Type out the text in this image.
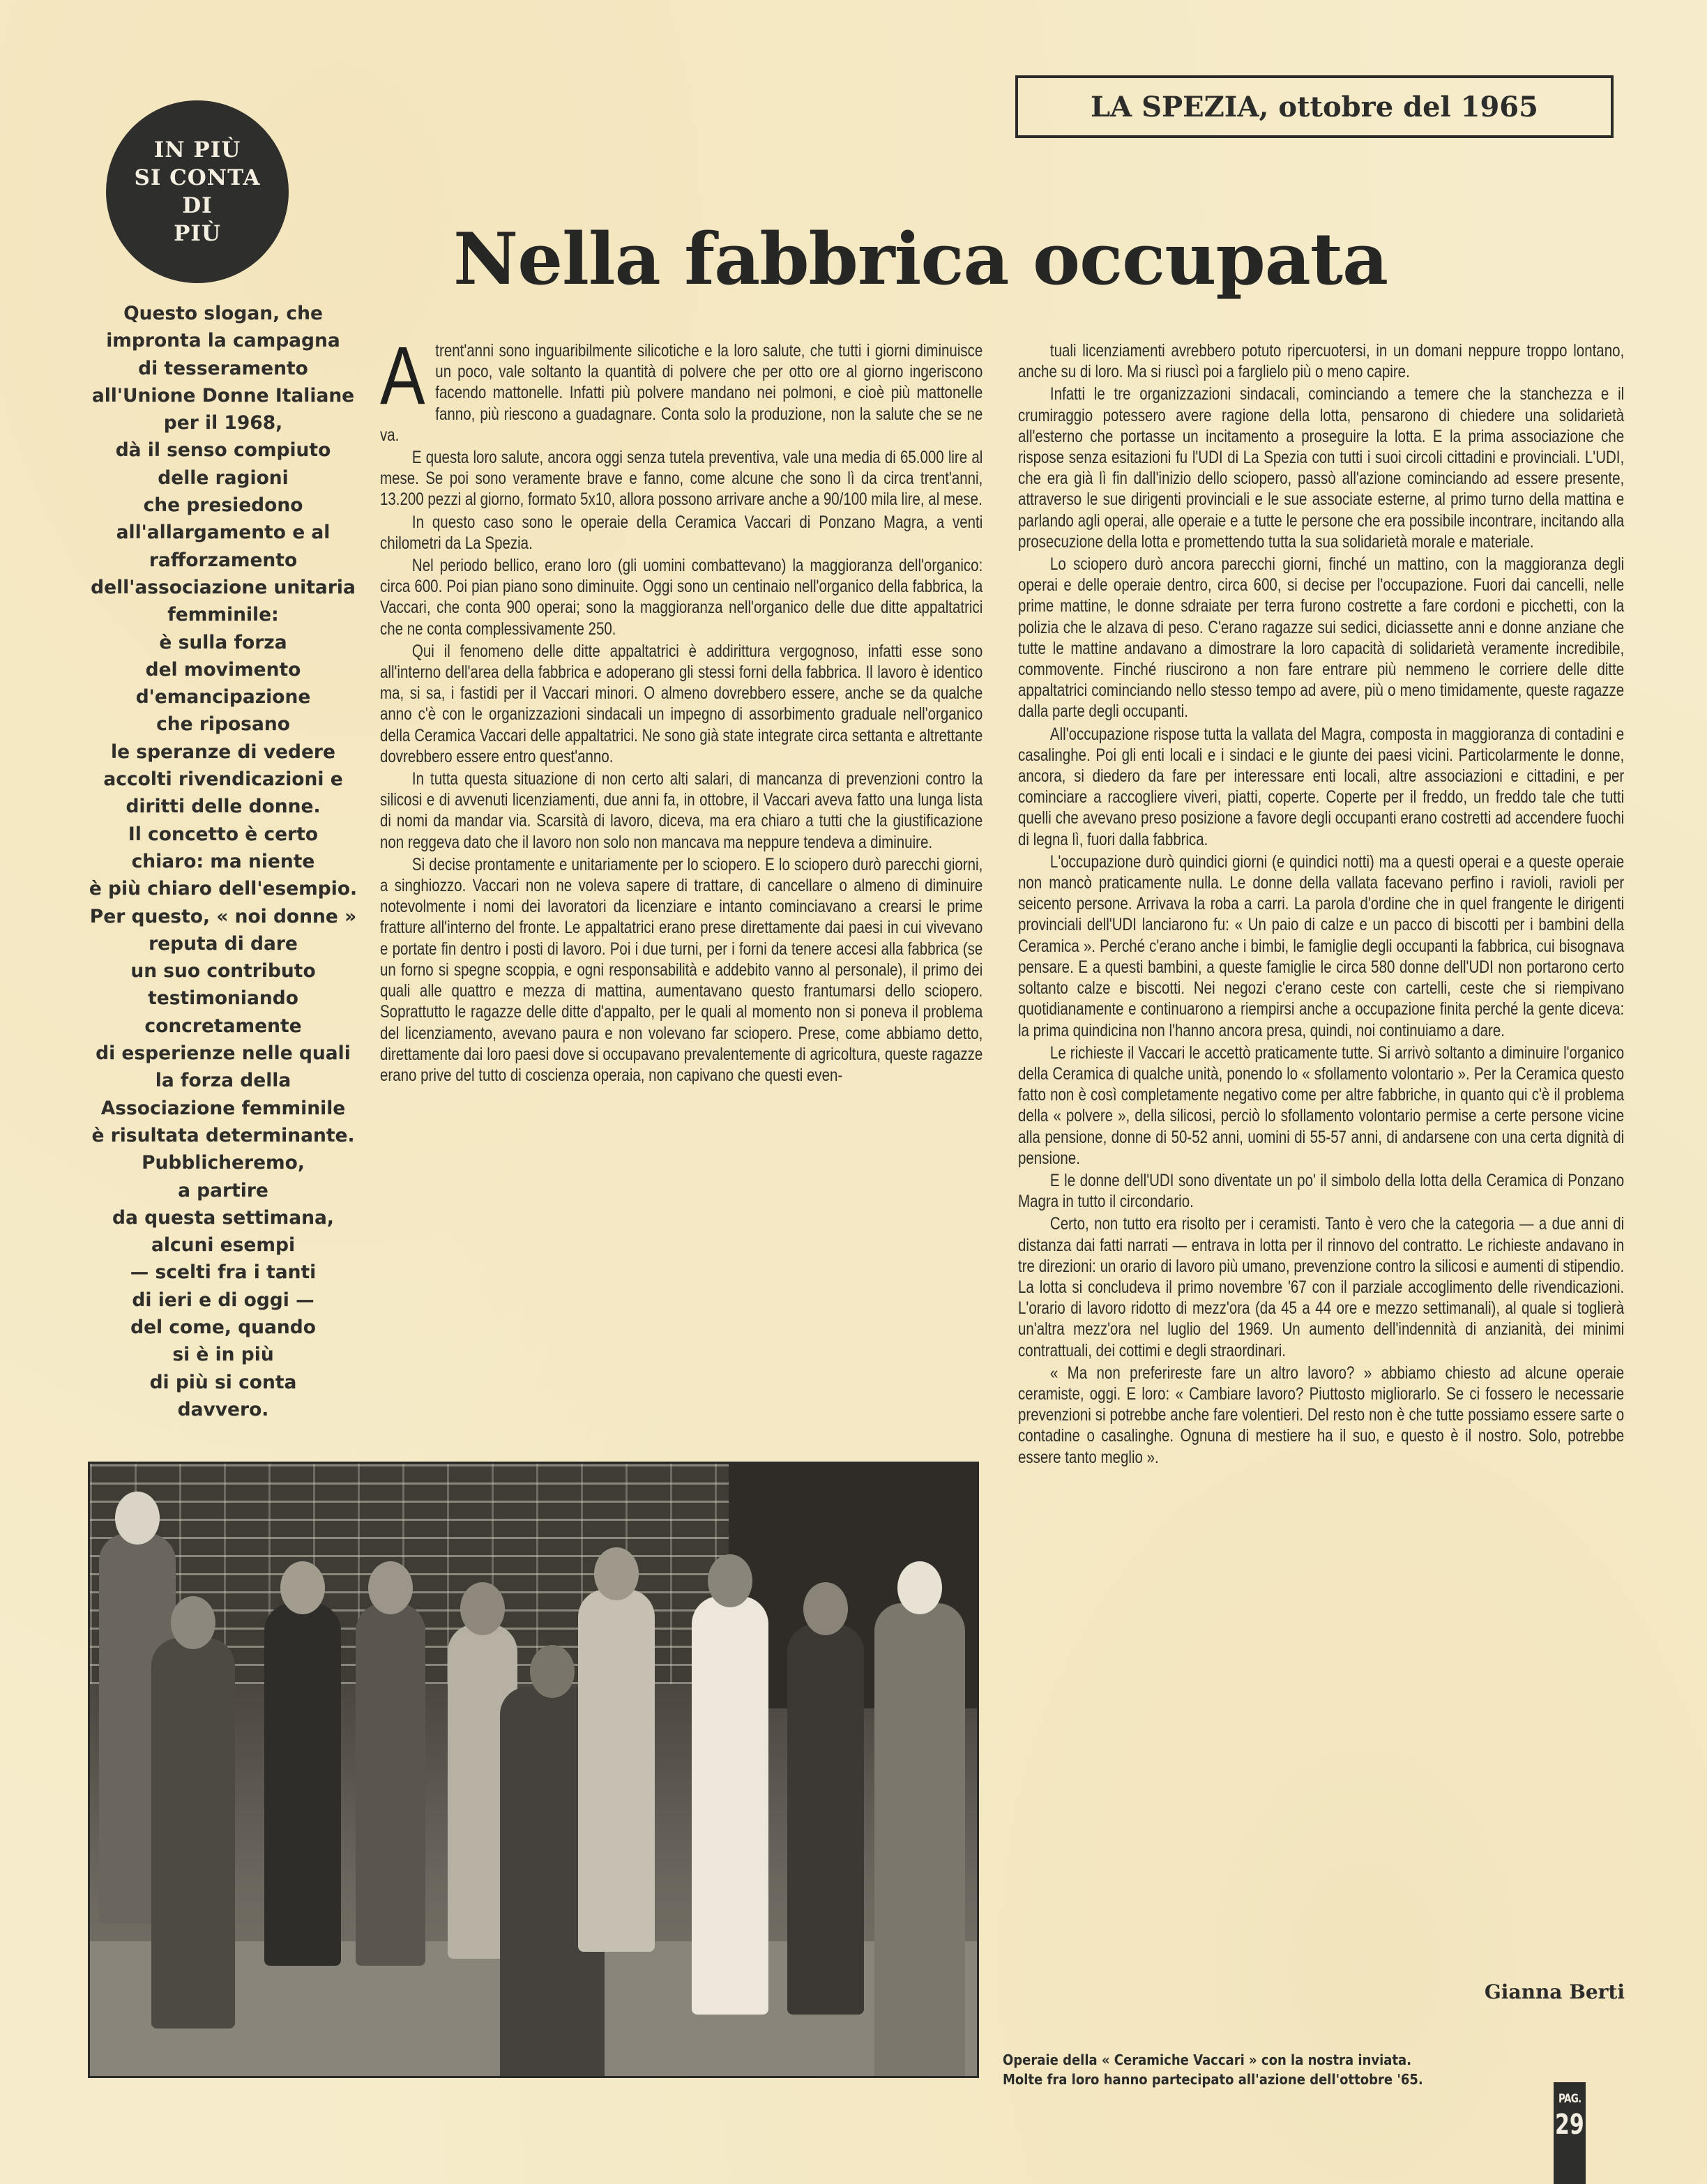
IN PIÙ
SI CONTA
DI
PIÙ
Questo slogan, che
impronta la campagna
di tesseramento
all'Unione Donne Italiane
per il 1968,
dà il senso compiuto
delle ragioni
che presiedono
all'allargamento e al
rafforzamento
dell'associazione unitaria
femminile:
è sulla forza
del movimento
d'emancipazione
che riposano
le speranze di vedere
accolti rivendicazioni e
diritti delle donne.
Il concetto è certo
chiaro: ma niente
è più chiaro dell'esempio.
Per questo, « noi donne »
reputa di dare
un suo contributo
testimoniando
concretamente
di esperienze nelle quali
la forza della
Associazione femminile
è risultata determinante.
Pubblicheremo,
a partire
da questa settimana,
alcuni esempi
— scelti fra i tanti
di ieri e di oggi —
del come, quando
si è in più
di più si conta
davvero.
LA SPEZIA, ottobre del 1965
Nella fabbrica occupata

A trent'anni sono inguaribilmente silicotiche e la loro salute, che tutti i giorni diminuisce un poco, vale soltanto la quantità di polvere che per otto ore al giorno ingeriscono facendo mattonelle. Infatti più polvere mandano nei polmoni, e cioè più mattonelle fanno, più riescono a guadagnare. Conta solo la produzione, non la salute che se ne va.

E questa loro salute, ancora oggi senza tutela preventiva, vale una media di 65.000 lire al mese. Se poi sono veramente brave e fanno, come alcune che sono lì da circa trent'anni, 13.200 pezzi al giorno, formato 5x10, allora possono arrivare anche a 90/100 mila lire, al mese.

In questo caso sono le operaie della Ceramica Vaccari di Ponzano Magra, a venti chilometri da La Spezia.

Nel periodo bellico, erano loro (gli uomini combattevano) la maggioranza dell'organico: circa 600. Poi pian piano sono diminuite. Oggi sono un centinaio nell'organico della fabbrica, la Vaccari, che conta 900 operai; sono la maggioranza nell'organico delle due ditte appaltatrici che ne conta complessivamente 250.

Qui il fenomeno delle ditte appaltatrici è addirittura vergognoso, infatti esse sono all'interno dell'area della fabbrica e adoperano gli stessi forni della fabbrica. Il lavoro è identico ma, si sa, i fastidi per il Vaccari minori. O almeno dovrebbero essere, anche se da qualche anno c'è con le organizzazioni sindacali un impegno di assorbimento graduale nell'organico della Ceramica Vaccari delle appaltatrici. Ne sono già state integrate circa settanta e altrettante dovrebbero essere entro quest'anno.

In tutta questa situazione di non certo alti salari, di mancanza di prevenzioni contro la silicosi e di avvenuti licenziamenti, due anni fa, in ottobre, il Vaccari aveva fatto una lunga lista di nomi da mandar via. Scarsità di lavoro, diceva, ma era chiaro a tutti che la giustificazione non reggeva dato che il lavoro non solo non mancava ma neppure tendeva a diminuire.

Si decise prontamente e unitariamente per lo sciopero. E lo sciopero durò parecchi giorni, a singhiozzo. Vaccari non ne voleva sapere di trattare, di cancellare o almeno di diminuire notevolmente i nomi dei lavoratori da licenziare e intanto cominciavano a crearsi le prime fratture all'interno del fronte. Le appaltatrici erano prese direttamente dai paesi in cui vivevano e portate fin dentro i posti di lavoro. Poi i due turni, per i forni da tenere accesi alla fabbrica (se un forno si spegne scoppia, e ogni responsabilità e addebito vanno al personale), il primo dei quali alle quattro e mezza di mattina, aumentavano questo frantumarsi dello sciopero. Soprattutto le ragazze delle ditte d'appalto, per le quali al momento non si poneva il problema del licenziamento, avevano paura e non volevano far sciopero. Prese, come abbiamo detto, direttamente dai loro paesi dove si occupavano prevalentemente di agricoltura, queste ragazze erano prive del tutto di coscienza operaia, non capivano che questi even-

tuali licenziamenti avrebbero potuto ripercuotersi, in un domani neppure troppo lontano, anche su di loro. Ma si riuscì poi a farglielo più o meno capire.

Infatti le tre organizzazioni sindacali, cominciando a temere che la stanchezza e il crumiraggio potessero avere ragione della lotta, pensarono di chiedere una solidarietà all'esterno che portasse un incitamento a proseguire la lotta. E la prima associazione che rispose senza esitazioni fu l'UDI di La Spezia con tutti i suoi circoli cittadini e provinciali. L'UDI, che era già lì fin dall'inizio dello sciopero, passò all'azione cominciando ad essere presente, attraverso le sue dirigenti provinciali e le sue associate esterne, al primo turno della mattina e parlando agli operai, alle operaie e a tutte le persone che era possibile incontrare, incitando alla prosecuzione della lotta e promettendo tutta la sua solidarietà morale e materiale.

Lo sciopero durò ancora parecchi giorni, finché un mattino, con la maggioranza degli operai e delle operaie dentro, circa 600, si decise per l'occupazione. Fuori dai cancelli, nelle prime mattine, le donne sdraiate per terra furono costrette a fare cordoni e picchetti, con la polizia che le alzava di peso. C'erano ragazze sui sedici, diciassette anni e donne anziane che tutte le mattine andavano a dimostrare la loro capacità di solidarietà veramente incredibile, commovente. Finché riuscirono a non fare entrare più nemmeno le corriere delle ditte appaltatrici cominciando nello stesso tempo ad avere, più o meno timidamente, queste ragazze dalla parte degli occupanti.

All'occupazione rispose tutta la vallata del Magra, composta in maggioranza di contadini e casalinghe. Poi gli enti locali e i sindaci e le giunte dei paesi vicini. Particolarmente le donne, ancora, si diedero da fare per interessare enti locali, altre associazioni e cittadini, e per cominciare a raccogliere viveri, piatti, coperte. Coperte per il freddo, un freddo tale che tutti quelli che avevano preso posizione a favore degli occupanti erano costretti ad accendere fuochi di legna lì, fuori dalla fabbrica.

L'occupazione durò quindici giorni (e quindici notti) ma a questi operai e a queste operaie non mancò praticamente nulla. Le donne della vallata facevano perfino i ravioli, ravioli per seicento persone. Arrivava la roba a carri. La parola d'ordine che in quel frangente le dirigenti provinciali dell'UDI lanciarono fu: « Un paio di calze e un pacco di biscotti per i bambini della Ceramica ». Perché c'erano anche i bimbi, le famiglie degli occupanti la fabbrica, cui bisognava pensare. E a questi bambini, a queste famiglie le circa 580 donne dell'UDI non portarono certo soltanto calze e biscotti. Nei negozi c'erano ceste con cartelli, ceste che si riempivano quotidianamente e continuarono a riempirsi anche a occupazione finita perché la gente diceva: la prima quindicina non l'hanno ancora presa, quindi, noi continuiamo a dare.

Le richieste il Vaccari le accettò praticamente tutte. Si arrivò soltanto a diminuire l'organico della Ceramica di qualche unità, ponendo lo « sfollamento volontario ». Per la Ceramica questo fatto non è così completamente negativo come per altre fabbriche, in quanto qui c'è il problema della « polvere », della silicosi, perciò lo sfollamento volontario permise a certe persone vicine alla pensione, donne di 50-52 anni, uomini di 55-57 anni, di andarsene con una certa dignità di pensione.

E le donne dell'UDI sono diventate un po' il simbolo della lotta della Ceramica di Ponzano Magra in tutto il circondario.

Certo, non tutto era risolto per i ceramisti. Tanto è vero che la categoria — a due anni di distanza dai fatti narrati — entrava in lotta per il rinnovo del contratto. Le richieste andavano in tre direzioni: un orario di lavoro più umano, prevenzione contro la silicosi e aumenti di stipendio. La lotta si concludeva il primo novembre '67 con il parziale accoglimento delle rivendicazioni. L'orario di lavoro ridotto di mezz'ora (da 45 a 44 ore e mezzo settimanali), al quale si toglierà un'altra mezz'ora nel luglio del 1969. Un aumento dell'indennità di anzianità, dei minimi contrattuali, dei cottimi e degli straordinari.

« Ma non preferireste fare un altro lavoro? » abbiamo chiesto ad alcune operaie ceramiste, oggi. E loro: « Cambiare lavoro? Piuttosto migliorarlo. Se ci fossero le necessarie prevenzioni si potrebbe anche fare volentieri. Del resto non è che tutte possiamo essere sarte o contadine o casalinghe. Ognuna di mestiere ha il suo, e questo è il nostro. Solo, potrebbe essere tanto meglio ».

Gianna Berti
Operaie della « Ceramiche Vaccari » con la nostra inviata.
Molte fra loro hanno partecipato all'azione dell'ottobre '65.
PAG.
29
